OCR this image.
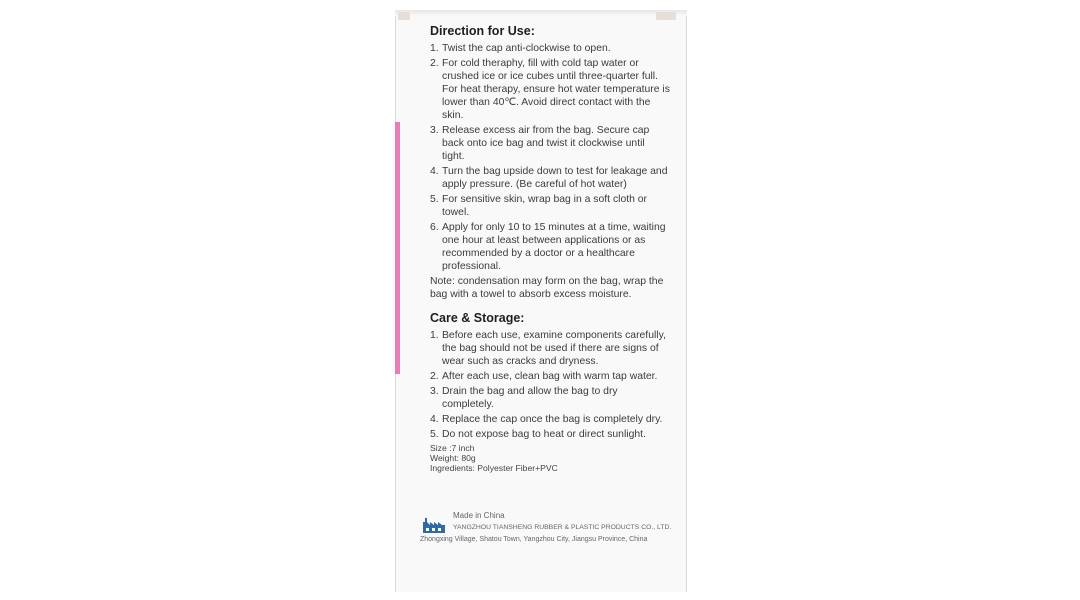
Direction for Use:
1. Twist the cap anti-clockwise to open.
2. For cold theraphy, fill with cold tap water or crushed ice or ice cubes until three-quarter full. For heat therapy, ensure hot water temperature is lower than 40℃. Avoid direct contact with the skin.
3. Release excess air from the bag. Secure cap back onto ice bag and twist it clockwise until tight.
4. Turn the bag upside down to test for leakage and apply pressure. (Be careful of hot water)
5. For sensitive skin, wrap bag in a soft cloth or towel.
6. Apply for only 10 to 15 minutes at a time, waiting one hour at least between applications or as recommended by a doctor or a healthcare professional.
Note: condensation may form on the bag, wrap the bag with a towel to absorb excess moisture.
Care & Storage:
1. Before each use, examine components carefully, the bag should not be used if there are signs of wear such as cracks and dryness.
2. After each use, clean bag with warm tap water.
3. Drain the bag and allow the bag to dry completely.
4. Replace the cap once the bag is completely dry.
5. Do not expose bag to heat or direct sunlight.
Size :7 inch
Weight: 80g
Ingredients: Polyester Fiber+PVC
Made in China
YANGZHOU TIANSHENG RUBBER & PLASTIC PRODUCTS CO., LTD.
Zhongxing Village, Shatou Town, Yangzhou City, Jiangsu Province, China
